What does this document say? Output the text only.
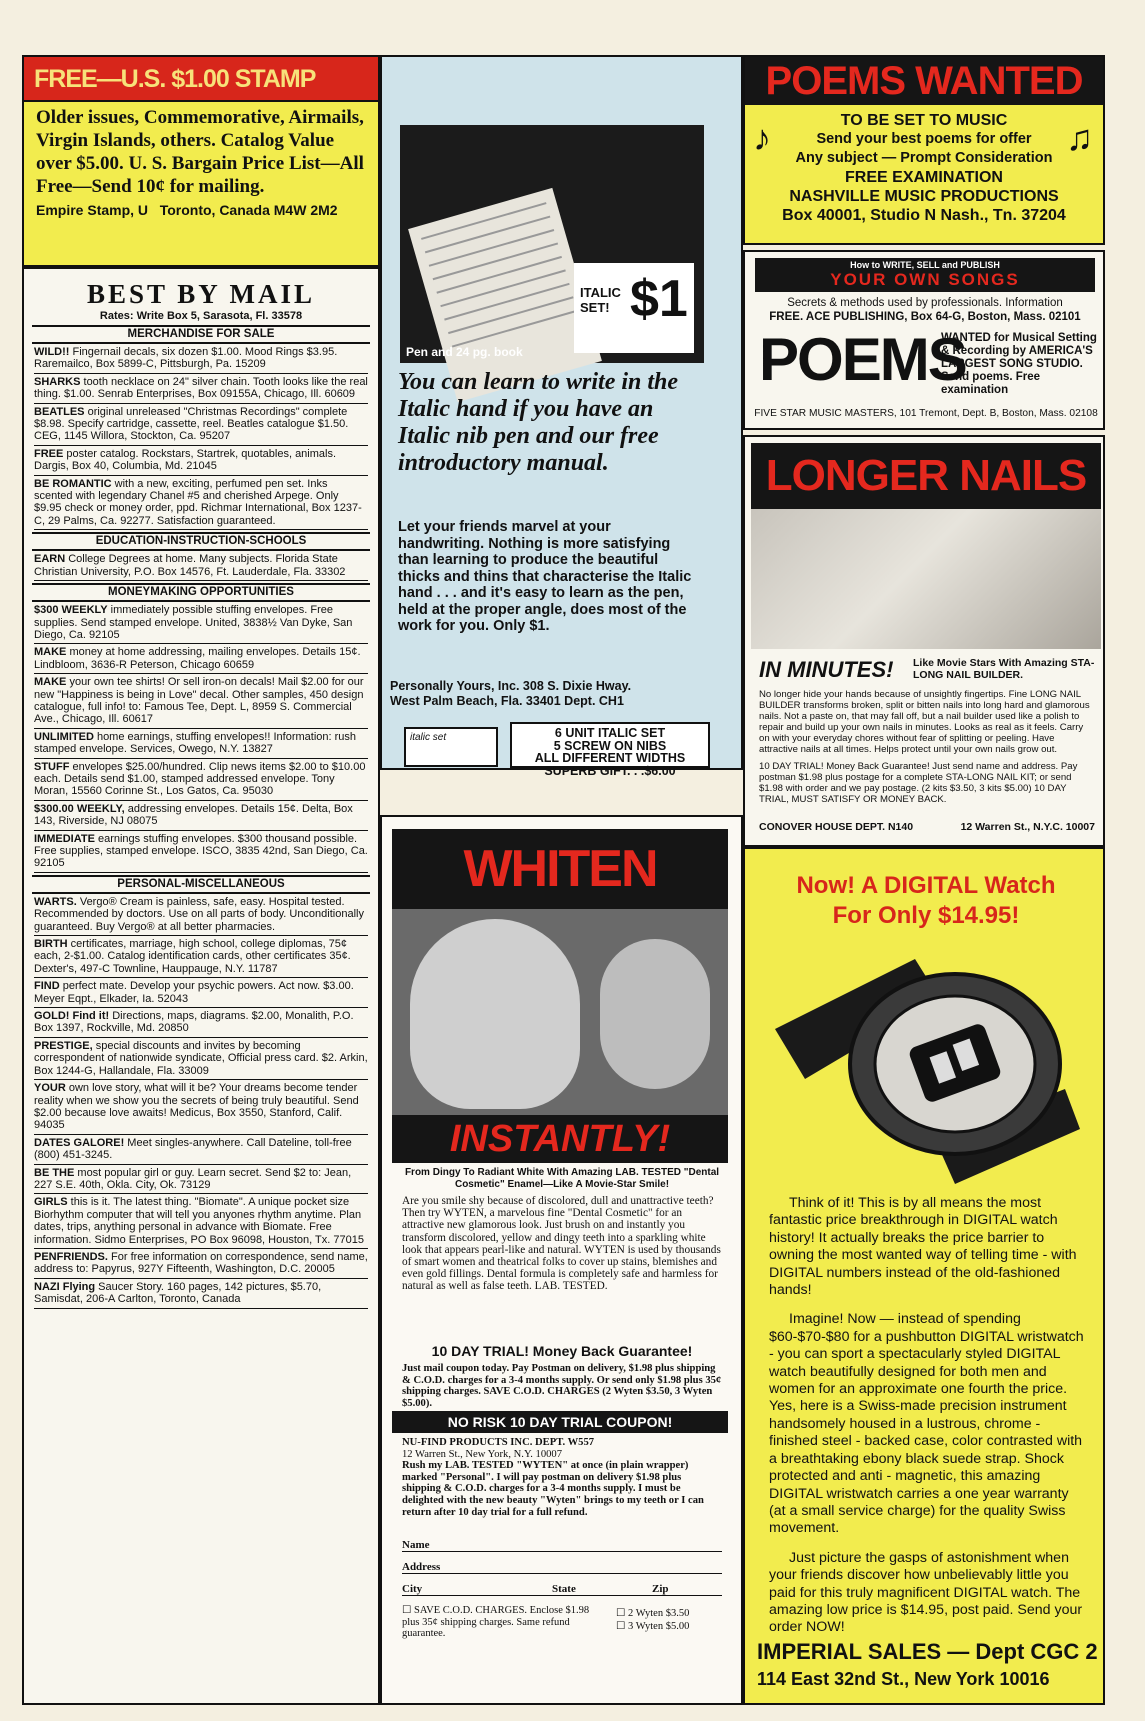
FREE—U.S. $1.00 STAMP
Older issues, Commemorative, Airmails, Virgin Islands, others. Catalog Value over $5.00. U. S. Bargain Price List—All Free—Send 10¢ for mailing.
Empire Stamp, U Toronto, Canada M4W 2M2
BEST BY MAIL
Rates: Write Box 5, Sarasota, Fl. 33578
MERCHANDISE FOR SALE
WILD!! Fingernail decals, six dozen $1.00. Mood Rings $3.95. Raremailco, Box 5899-C, Pittsburgh, Pa. 15209
SHARKS tooth necklace on 24" silver chain. Tooth looks like the real thing. $1.00. Senrab Enterprises, Box 09155A, Chicago, Ill. 60609
BEATLES original unreleased "Christmas Recordings" complete $8.98. Specify cartridge, cassette, reel. Beatles catalogue $1.50. CEG, 1145 Willora, Stockton, Ca. 95207
FREE poster catalog. Rockstars, Startrek, quotables, animals. Dargis, Box 40, Columbia, Md. 21045
BE ROMANTIC with a new, exciting, perfumed pen set. Inks scented with legendary Chanel #5 and cherished Arpege. Only $9.95 check or money order, ppd. Richmar International, Box 1237-C, 29 Palms, Ca. 92277. Satisfaction guaranteed.
EDUCATION-INSTRUCTION-SCHOOLS
EARN College Degrees at home. Many subjects. Florida State Christian University, P.O. Box 14576, Ft. Lauderdale, Fla. 33302
MONEYMAKING OPPORTUNITIES
$300 WEEKLY immediately possible stuffing envelopes. Free supplies. Send stamped envelope. United, 3838½ Van Dyke, San Diego, Ca. 92105
MAKE money at home addressing, mailing envelopes. Details 15¢. Lindbloom, 3636-R Peterson, Chicago 60659
MAKE your own tee shirts! Or sell iron-on decals! Mail $2.00 for our new "Happiness is being in Love" decal. Other samples, 450 design catalogue, full info! to: Famous Tee, Dept. L, 8959 S. Commercial Ave., Chicago, Ill. 60617
UNLIMITED home earnings, stuffing envelopes!! Information: rush stamped envelope. Services, Owego, N.Y. 13827
STUFF envelopes $25.00/hundred. Clip news items $2.00 to $10.00 each. Details send $1.00, stamped addressed envelope. Tony Moran, 15560 Corinne St., Los Gatos, Ca. 95030
$300.00 WEEKLY, addressing envelopes. Details 15¢. Delta, Box 143, Riverside, NJ 08075
IMMEDIATE earnings stuffing envelopes. $300 thousand possible. Free supplies, stamped envelope. ISCO, 3835 42nd, San Diego, Ca. 92105
PERSONAL-MISCELLANEOUS
WARTS. Vergo® Cream is painless, safe, easy. Hospital tested. Recommended by doctors. Use on all parts of body. Unconditionally guaranteed. Buy Vergo® at all better pharmacies.
BIRTH certificates, marriage, high school, college diplomas, 75¢ each, 2-$1.00. Catalog identification cards, other certificates 35¢. Dexter's, 497-C Townline, Hauppauge, N.Y. 11787
FIND perfect mate. Develop your psychic powers. Act now. $3.00. Meyer Eqpt., Elkader, Ia. 52043
GOLD! Find it! Directions, maps, diagrams. $2.00, Monalith, P.O. Box 1397, Rockville, Md. 20850
PRESTIGE, special discounts and invites by becoming correspondent of nationwide syndicate, Official press card. $2. Arkin, Box 1244-G, Hallandale, Fla. 33009
YOUR own love story, what will it be? Your dreams become tender reality when we show you the secrets of being truly beautiful. Send $2.00 because love awaits! Medicus, Box 3550, Stanford, Calif. 94035
DATES GALORE! Meet singles-anywhere. Call Dateline, toll-free (800) 451-3245.
BE THE most popular girl or guy. Learn secret. Send $2 to: Jean, 227 S.E. 40th, Okla. City, Ok. 73129
GIRLS this is it. The latest thing. "Biomate". A unique pocket size Biorhythm computer that will tell you anyones rhythm anytime. Plan dates, trips, anything personal in advance with Biomate. Free information. Sidmo Enterprises, PO Box 96098, Houston, Tx. 77015
PENFRIENDS. For free information on correspondence, send name, address to: Papyrus, 927Y Fifteenth, Washington, D.C. 20005
NAZI Flying Saucer Story. 160 pages, 142 pictures, $5.70, Samisdat, 206-A Carlton, Toronto, Canada
ITALIC
SET! $1
Pen and 24 pg. book
You can learn to write in the Italic hand if you have an Italic nib pen and our free introductory manual.
Let your friends marvel at your handwriting. Nothing is more satisfying than learning to produce the beautiful thicks and thins that characterise the Italic hand . . . and it's easy to learn as the pen, held at the proper angle, does most of the work for you. Only $1.
Personally Yours, Inc. 308 S. Dixie Hway.
West Palm Beach, Fla. 33401 Dept. CH1
italic set	6 UNIT ITALIC SET
5 SCREW ON NIBS
ALL DIFFERENT WIDTHS
SUPERB GIFT. . .$6.00
WHITEN
INSTANTLY!
From Dingy To Radiant White With Amazing LAB. TESTED "Dental Cosmetic" Enamel—Like A Movie-Star Smile!
Are you smile shy because of discolored, dull and unattractive teeth? Then try WYTEN, a marvelous fine "Dental Cosmetic" for an attractive new glamorous look. Just brush on and instantly you transform discolored, yellow and dingy teeth into a sparkling white look that appears pearl-like and natural. WYTEN is used by thousands of smart women and theatrical folks to cover up stains, blemishes and even gold fillings. Dental formula is completely safe and harmless for natural as well as false teeth. LAB. TESTED.
10 DAY TRIAL! Money Back Guarantee!
Just mail coupon today. Pay Postman on delivery, $1.98 plus shipping & C.O.D. charges for a 3-4 months supply. Or send only $1.98 plus 35¢ shipping charges. SAVE C.O.D. CHARGES (2 Wyten $3.50, 3 Wyten $5.00).
NO RISK 10 DAY TRIAL COUPON!
NU-FIND PRODUCTS INC. DEPT. W557
12 Warren St., New York, N.Y. 10007
Rush my LAB. TESTED "WYTEN" at once (in plain wrapper) marked "Personal". I will pay postman on delivery $1.98 plus shipping & C.O.D. charges for a 3-4 months supply. I must be delighted with the new beauty "Wyten" brings to my teeth or I can return after 10 day trial for a full refund.
Name
Address
City	State	Zip
☐ SAVE C.O.D. CHARGES. Enclose $1.98 plus 35¢ shipping charges. Same refund guarantee.
☐ 2 Wyten $3.50
☐ 3 Wyten $5.00
POEMS WANTED
♪	♫
TO BE SET TO MUSIC
Send your best poems for offer
Any subject — Prompt Consideration
FREE EXAMINATION
NASHVILLE MUSIC PRODUCTIONS
Box 40001, Studio N Nash., Tn. 37204
How to WRITE, SELL and PUBLISH
YOUR OWN SONGS
Secrets & methods used by professionals. Information
FREE. ACE PUBLISHING, Box 64-G, Boston, Mass. 02101
POEMS
WANTED for Musical Setting & Recording by AMERICA'S LARGEST SONG STUDIO. Send poems. Free examination
FIVE STAR MUSIC MASTERS, 101 Tremont, Dept. B, Boston, Mass. 02108
LONGER NAILS
IN MINUTES! Like Movie Stars With Amazing STA-LONG NAIL BUILDER.
No longer hide your hands because of unsightly fingertips. Fine LONG NAIL BUILDER transforms broken, split or bitten nails into long hard and glamorous nails. Not a paste on, that may fall off, but a nail builder used like a polish to repair and build up your own nails in minutes. Looks as real as it feels. Carry on with your everyday chores without fear of splitting or peeling. Have attractive nails at all times. Helps protect until your own nails grow out.
10 DAY TRIAL! Money Back Guarantee! Just send name and address. Pay postman $1.98 plus postage for a complete STA-LONG NAIL KIT; or send $1.98 with order and we pay postage. (2 kits $3.50, 3 kits $5.00) 10 DAY TRIAL, MUST SATISFY OR MONEY BACK.
CONOVER HOUSE DEPT. N140	12 Warren St., N.Y.C. 10007
Now! A DIGITAL Watch
For Only $14.95!

Think of it! This is by all means the most fantastic price breakthrough in DIGITAL watch history! It actually breaks the price barrier to owning the most wanted way of telling time - with DIGITAL numbers instead of the old-fashioned hands!

Imagine! Now — instead of spending $60-$70-$80 for a pushbutton DIGITAL wristwatch - you can sport a spectacularly styled DIGITAL watch beautifully designed for both men and women for an approximate one fourth the price. Yes, here is a Swiss-made precision instrument handsomely housed in a lustrous, chrome - finished steel - backed case, color contrasted with a breathtaking ebony black suede strap. Shock protected and anti - magnetic, this amazing DIGITAL wristwatch carries a one year warranty (at a small service charge) for the quality Swiss movement.

Just picture the gasps of astonishment when your friends discover how unbelievably little you paid for this truly magnificent DIGITAL watch. The amazing low price is $14.95, post paid. Send your order NOW!

IMPERIAL SALES — Dept CGC 2
114 East 32nd St., New York 10016
